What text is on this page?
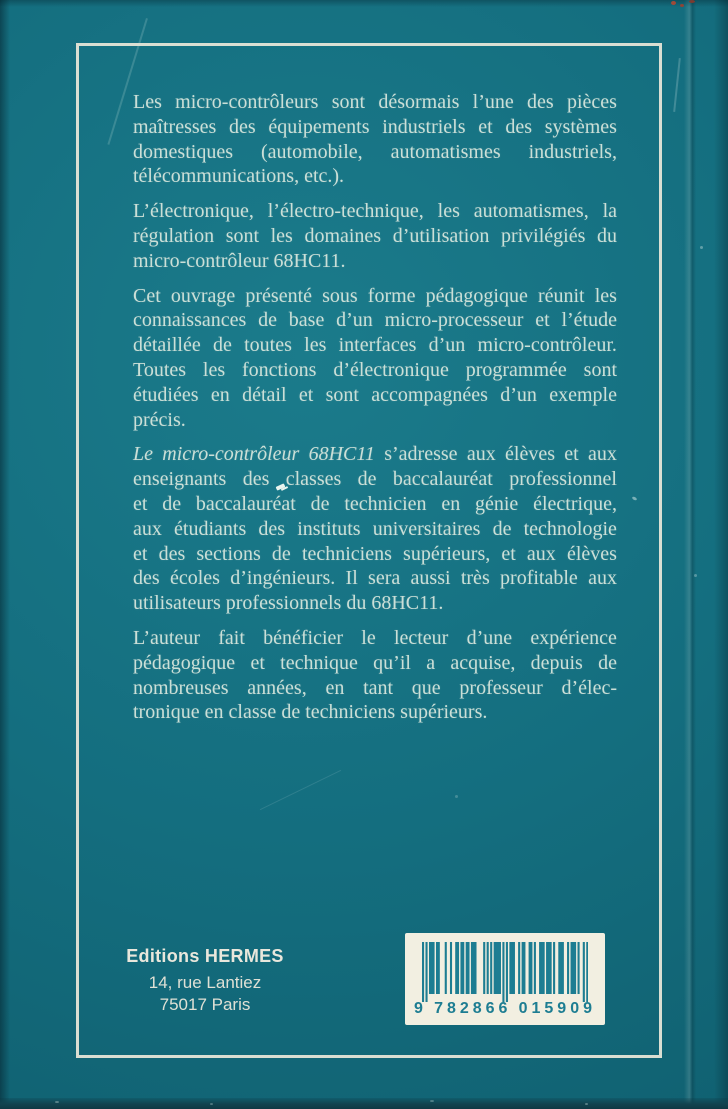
Les micro-contrôleurs sont désormais l’une des pièces
maîtresses des équipements industriels et des systèmes
domestiques (automobile, automatismes industriels,
télécommunications, etc.).
L’électronique, l’électro-technique, les automatismes, la
régulation sont les domaines d’utilisation privilégiés du
micro-contrôleur 68HC11.
Cet ouvrage présenté sous forme pédagogique réunit les
connaissances de base d’un micro-processeur et l’étude
détaillée de toutes les interfaces d’un micro-contrôleur.
Toutes les fonctions d’électronique programmée sont
étudiées en détail et sont accompagnées d’un exemple
précis.
Le micro-contrôleur 68HC11 s’adresse aux élèves et aux
enseignants des classes de baccalauréat professionnel
et de baccalauréat de technicien en génie électrique,
aux étudiants des instituts universitaires de technologie
et des sections de techniciens supérieurs, et aux élèves
des écoles d’ingénieurs. Il sera aussi très profitable aux
utilisateurs professionnels du 68HC11.
L’auteur fait bénéficier le lecteur d’une expérience
pédagogique et technique qu’il a acquise, depuis de
nombreuses années, en tant que professeur d’élec-
tronique en classe de techniciens supérieurs.
Editions HERMES
14, rue Lantiez
75017 Paris	9 782866 015909
